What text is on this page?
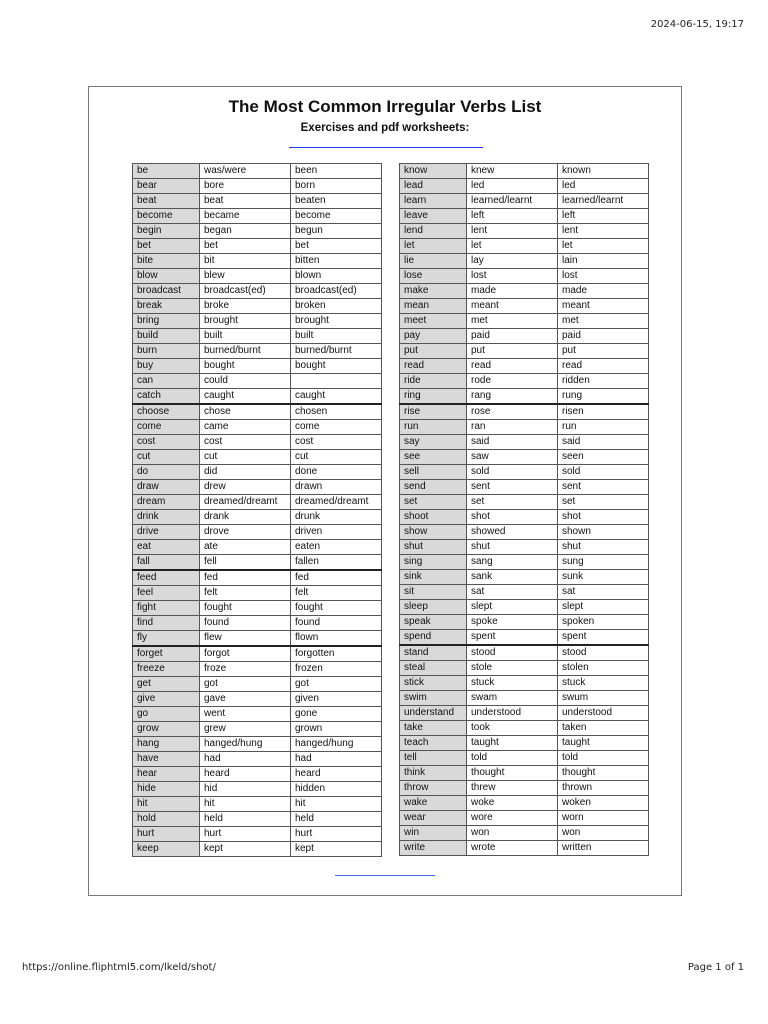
2024-06-15, 19:17
The Most Common Irregular Verbs List
Exercises and pdf worksheets:
be	was/were	been
bear	bore	born
beat	beat	beaten
become	became	become
begin	began	begun
bet	bet	bet
bite	bit	bitten
blow	blew	blown
broadcast	broadcast(ed)	broadcast(ed)
break	broke	broken
bring	brought	brought
build	built	built
burn	burned/burnt	burned/burnt
buy	bought	bought
can	could	
catch	caught	caught
choose	chose	chosen
come	came	come
cost	cost	cost
cut	cut	cut
do	did	done
draw	drew	drawn
dream	dreamed/dreamt	dreamed/dreamt
drink	drank	drunk
drive	drove	driven
eat	ate	eaten
fall	fell	fallen
feed	fed	fed
feel	felt	felt
fight	fought	fought
find	found	found
fly	flew	flown
forget	forgot	forgotten
freeze	froze	frozen
get	got	got
give	gave	given
go	went	gone
grow	grew	grown
hang	hanged/hung	hanged/hung
have	had	had
hear	heard	heard
hide	hid	hidden
hit	hit	hit
hold	held	held
hurt	hurt	hurt
keep	kept	kept
know	knew	known
lead	led	led
learn	learned/learnt	learned/learnt
leave	left	left
lend	lent	lent
let	let	let
lie	lay	lain
lose	lost	lost
make	made	made
mean	meant	meant
meet	met	met
pay	paid	paid
put	put	put
read	read	read
ride	rode	ridden
ring	rang	rung
rise	rose	risen
run	ran	run
say	said	said
see	saw	seen
sell	sold	sold
send	sent	sent
set	set	set
shoot	shot	shot
show	showed	shown
shut	shut	shut
sing	sang	sung
sink	sank	sunk
sit	sat	sat
sleep	slept	slept
speak	spoke	spoken
spend	spent	spent
stand	stood	stood
steal	stole	stolen
stick	stuck	stuck
swim	swam	swum
understand	understood	understood
take	took	taken
teach	taught	taught
tell	told	told
think	thought	thought
throw	threw	thrown
wake	woke	woken
wear	wore	worn
win	won	won
write	wrote	written
https://online.fliphtml5.com/lkeld/shot/	Page 1 of 1
